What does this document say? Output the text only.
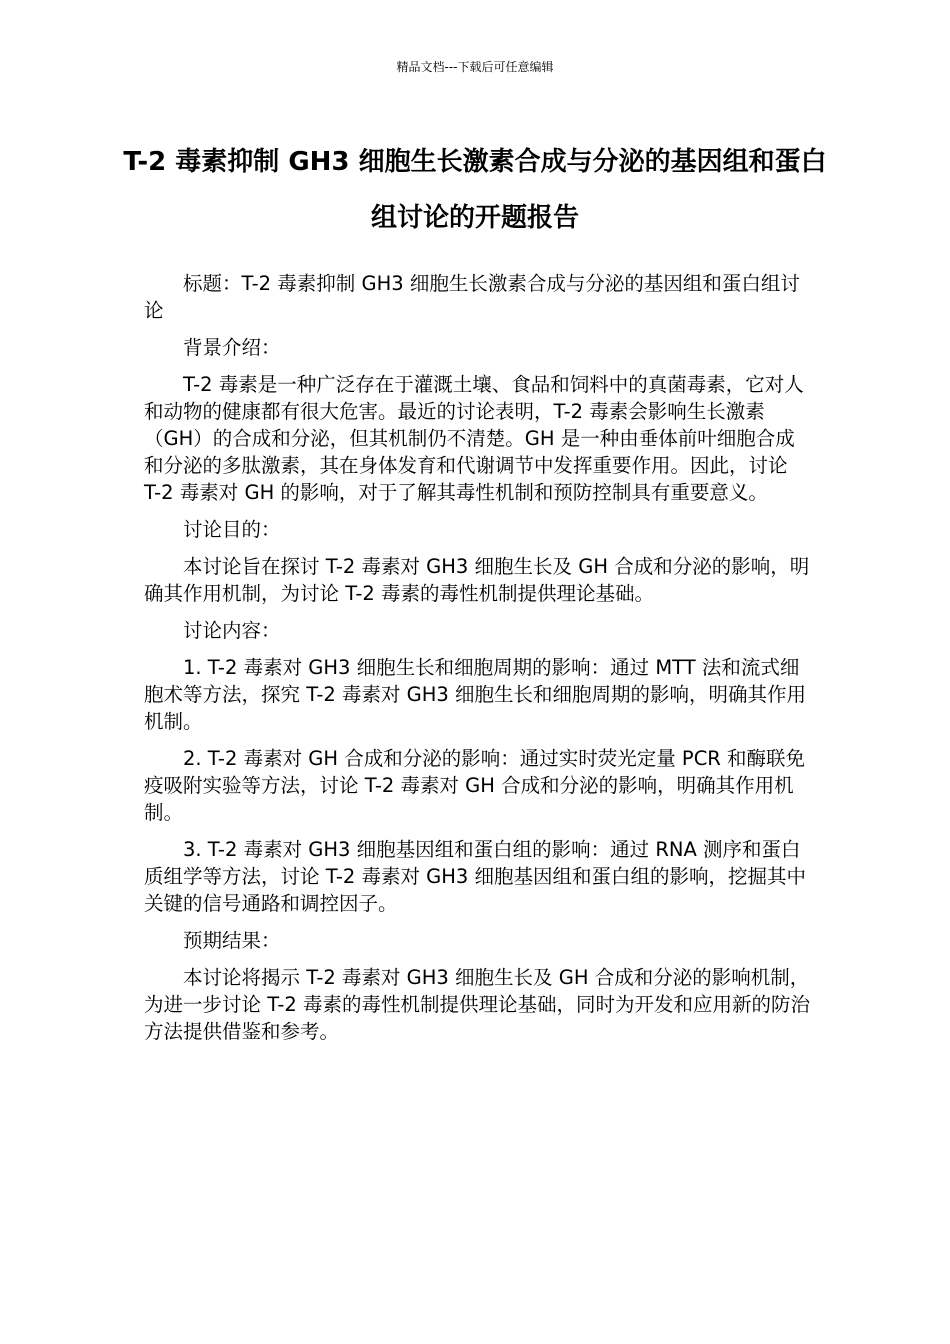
精品文档---下载后可任意编辑
T-2 毒素抑制 GH3 细胞生长激素合成与分泌的基因组和蛋白组讨论的开题报告

标题：T-2 毒素抑制 GH3 细胞生长激素合成与分泌的基因组和蛋白组讨论

背景介绍：

T-2 毒素是一种广泛存在于灌溉土壤、食品和饲料中的真菌毒素，它对人和动物的健康都有很大危害。最近的讨论表明，T-2 毒素会影响生长激素（GH）的合成和分泌，但其机制仍不清楚。GH 是一种由垂体前叶细胞合成和分泌的多肽激素，其在身体发育和代谢调节中发挥重要作用。因此，讨论 T-2 毒素对 GH 的影响，对于了解其毒性机制和预防控制具有重要意义。

讨论目的：

本讨论旨在探讨 T-2 毒素对 GH3 细胞生长及 GH 合成和分泌的影响，明确其作用机制，为讨论 T-2 毒素的毒性机制提供理论基础。

讨论内容：

1. T-2 毒素对 GH3 细胞生长和细胞周期的影响：通过 MTT 法和流式细胞术等方法，探究 T-2 毒素对 GH3 细胞生长和细胞周期的影响，明确其作用机制。

2. T-2 毒素对 GH 合成和分泌的影响：通过实时荧光定量 PCR 和酶联免疫吸附实验等方法，讨论 T-2 毒素对 GH 合成和分泌的影响，明确其作用机制。

3. T-2 毒素对 GH3 细胞基因组和蛋白组的影响：通过 RNA 测序和蛋白质组学等方法，讨论 T-2 毒素对 GH3 细胞基因组和蛋白组的影响，挖掘其中关键的信号通路和调控因子。

预期结果：

本讨论将揭示 T-2 毒素对 GH3 细胞生长及 GH 合成和分泌的影响机制，为进一步讨论 T-2 毒素的毒性机制提供理论基础，同时为开发和应用新的防治方法提供借鉴和参考。
